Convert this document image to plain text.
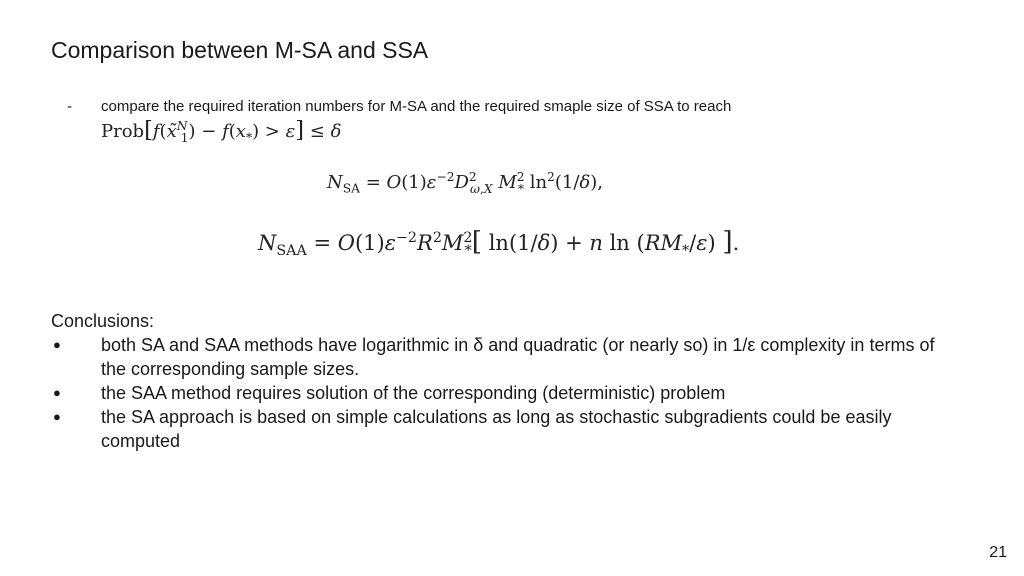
Comparison between M-SA and SSA
- compare the required iteration numbers for M-SA and the required smaple size of SSA to reach
Prob[f(x̃$^N_1$) − $f(x_*) > \varepsilon] \le \delta$
$N_{SA} = O(1)\varepsilon^{-2}D^2_{\omega,X}$ $M^2_*$ $\ln^2(1/\delta)$,
$N_{SAA} = O(1)\varepsilon^{-2}R^2M^2_*$[ ln(1/δ) + n $\ln (RM_*/\varepsilon)$ ].
Conclusions:
● both SA and SAA methods have logarithmic in δ and quadratic (or nearly so) in 1/ε complexity in terms of the corresponding sample sizes.
● the SAA method requires solution of the corresponding (deterministic) problem
● the SA approach is based on simple calculations as long as stochastic subgradients could be easily computed
21
